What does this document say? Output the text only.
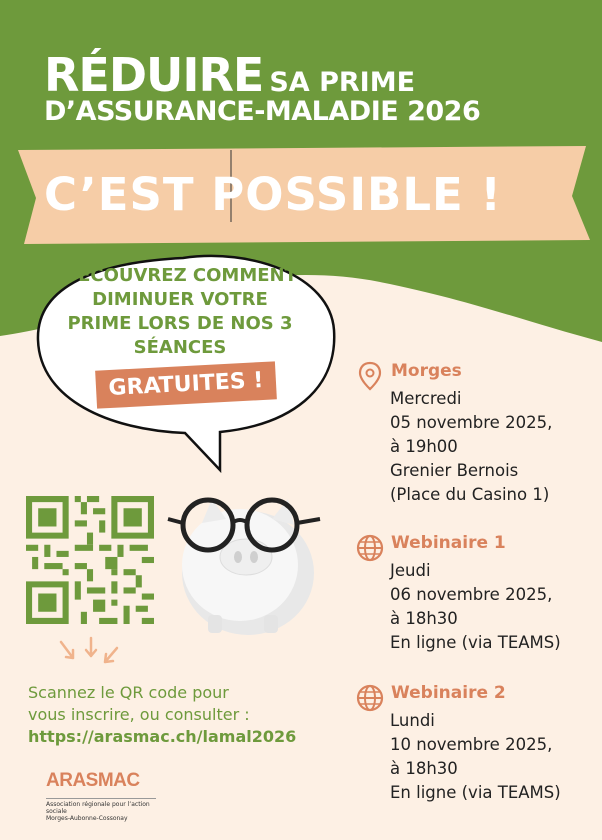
RÉDUIRE SA PRIME
D’ASSURANCE-MALADIE 2026
C’EST POSSIBLE !
DÉCOUVREZ COMMENT DIMINUER VOTRE PRIME LORS DE NOS 3 SÉANCES
GRATUITES !	Morges
Mercredi
05 novembre 2025,
à 19h00
Grenier Bernois
(Place du Casino 1)
Webinaire 1
Jeudi
06 novembre 2025,
à 18h30
En ligne (via TEAMS)
Webinaire 2
Lundi
10 novembre 2025,
à 18h30
En ligne (via TEAMS)
Scannez le QR code pour
vous inscrire, ou consulter :
https://arasmac.ch/lamal2026
ARASMAC
Association régionale pour l’action sociale
Morges-Aubonne-Cossonay
